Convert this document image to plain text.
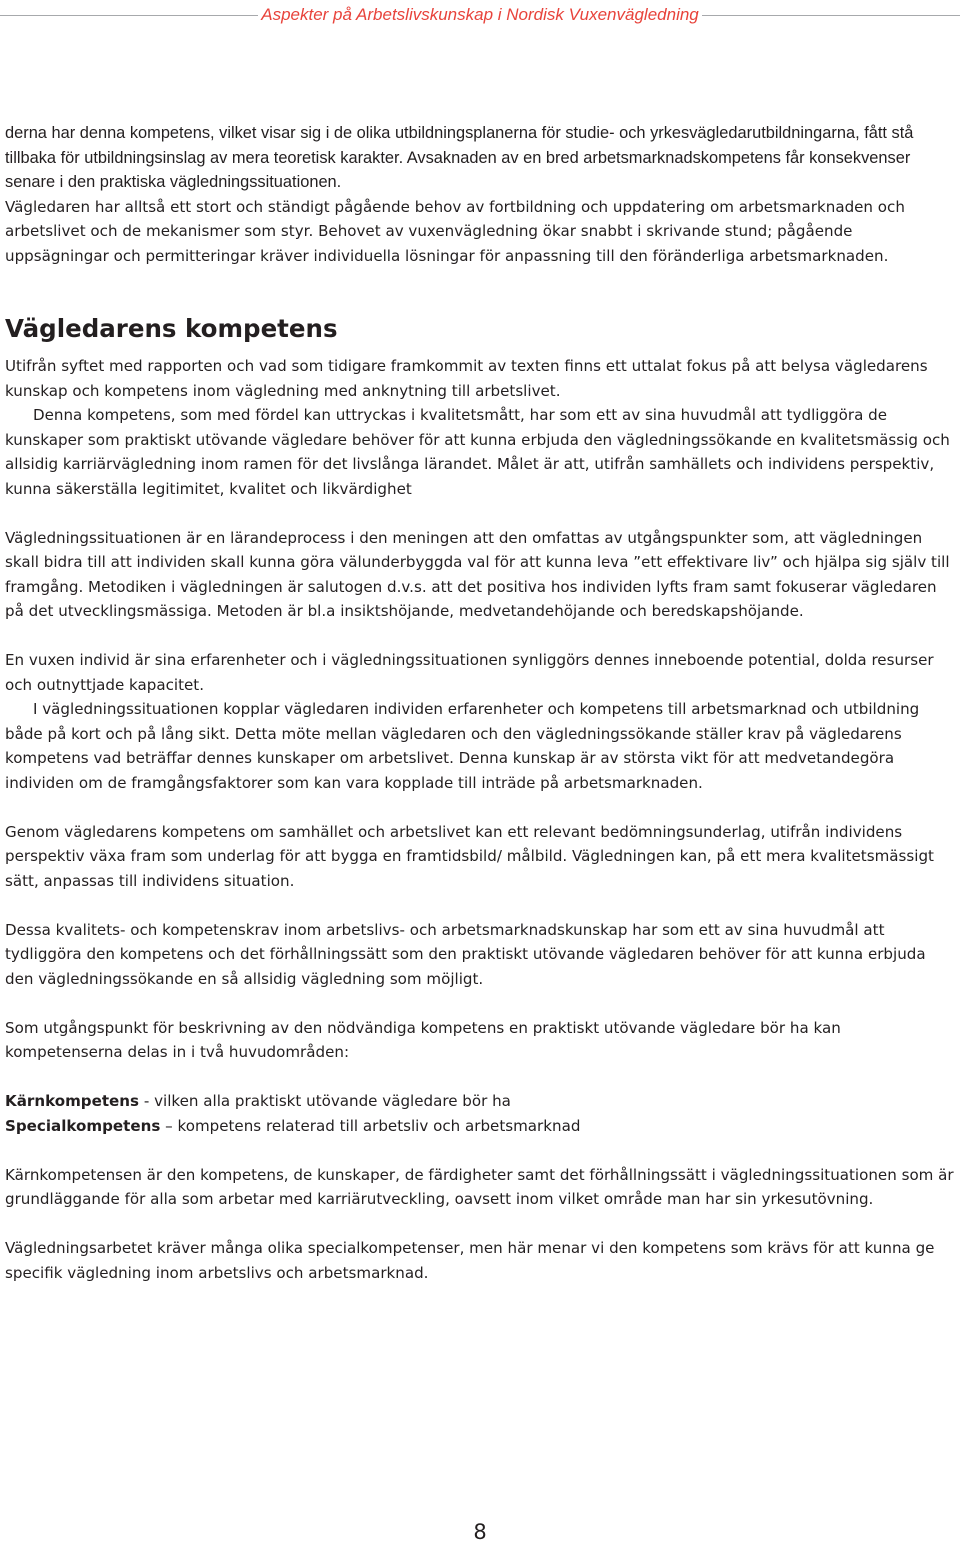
Aspekter på Arbetslivskunskap i Nordisk Vuxenvägledning

derna har denna kompetens, vilket visar sig i de olika utbildningsplanerna för studie- och yrkesvägledarutbildningarna, fått stå tillbaka för utbildningsinslag av mera teoretisk karakter. Avsaknaden av en bred arbetsmarknadskompetens får konsekvenser senare i den praktiska vägledningssituationen.

Vägledaren har alltså ett stort och ständigt pågående behov av fortbildning och uppdatering om arbetsmarknaden och arbetslivet och de mekanismer som styr. Behovet av vuxenvägledning ökar snabbt i skrivande stund; pågående uppsägningar och permitteringar kräver individuella lösningar för anpassning till den föränderliga arbetsmarknaden.

Vägledarens kompetens

Utifrån syftet med rapporten och vad som tidigare framkommit av texten finns ett uttalat fokus på att belysa vägledarens kunskap och kompetens inom vägledning med anknytning till arbetslivet.

Denna kompetens, som med fördel kan uttryckas i kvalitetsmått, har som ett av sina huvudmål att tydliggöra de kunskaper som praktiskt utövande vägledare behöver för att kunna erbjuda den vägledningssökande en kvalitetsmässig och allsidig karriärvägledning inom ramen för det livslånga lärandet. Målet är att, utifrån samhällets och individens perspektiv, kunna säkerställa legitimitet, kvalitet och likvärdighet

Vägledningssituationen är en lärandeprocess i den meningen att den omfattas av utgångspunkter som, att vägledningen skall bidra till att individen skall kunna göra välunderbyggda val för att kunna leva ”ett effektivare liv” och hjälpa sig själv till framgång. Metodiken i vägledningen är salutogen d.v.s. att det positiva hos individen lyfts fram samt fokuserar vägledaren på det utvecklingsmässiga. Metoden är bl.a insiktshöjande, medvetandehöjande och beredskapshöjande.

En vuxen individ är sina erfarenheter och i vägledningssituationen synliggörs dennes inneboende potential, dolda resurser och outnyttjade kapacitet.

I vägledningssituationen kopplar vägledaren individen erfarenheter och kompetens till arbetsmarknad och utbildning både på kort och på lång sikt. Detta möte mellan vägledaren och den vägledningssökande ställer krav på vägledarens kompetens vad beträffar dennes kunskaper om arbetslivet. Denna kunskap är av största vikt för att medvetandegöra individen om de framgångsfaktorer som kan vara kopplade till inträde på arbetsmarknaden.

Genom vägledarens kompetens om samhället och arbetslivet kan ett relevant bedömningsunderlag, utifrån individens perspektiv växa fram som underlag för att bygga en framtidsbild/ målbild. Vägledningen kan, på ett mera kvalitetsmässigt sätt, anpassas till individens situation.

Dessa kvalitets- och kompetenskrav inom arbetslivs- och arbetsmarknadskunskap har som ett av sina huvudmål att tydliggöra den kompetens och det förhållningssätt som den praktiskt utövande vägledaren behöver för att kunna erbjuda den vägledningssökande en så allsidig vägledning som möjligt.

Som utgångspunkt för beskrivning av den nödvändiga kompetens en praktiskt utövande vägledare bör ha kan kompetenserna delas in i två huvudområden:

Kärnkompetens - vilken alla praktiskt utövande vägledare bör ha

Specialkompetens – kompetens relaterad till arbetsliv och arbetsmarknad

Kärnkompetensen är den kompetens, de kunskaper, de färdigheter samt det förhållningssätt i vägledningssituationen som är grundläggande för alla som arbetar med karriärutveckling, oavsett inom vilket område man har sin yrkesutövning.

Vägledningsarbetet kräver många olika specialkompetenser, men här menar vi den kompetens som krävs för att kunna ge specifik vägledning inom arbetslivs och arbetsmarknad.

8
